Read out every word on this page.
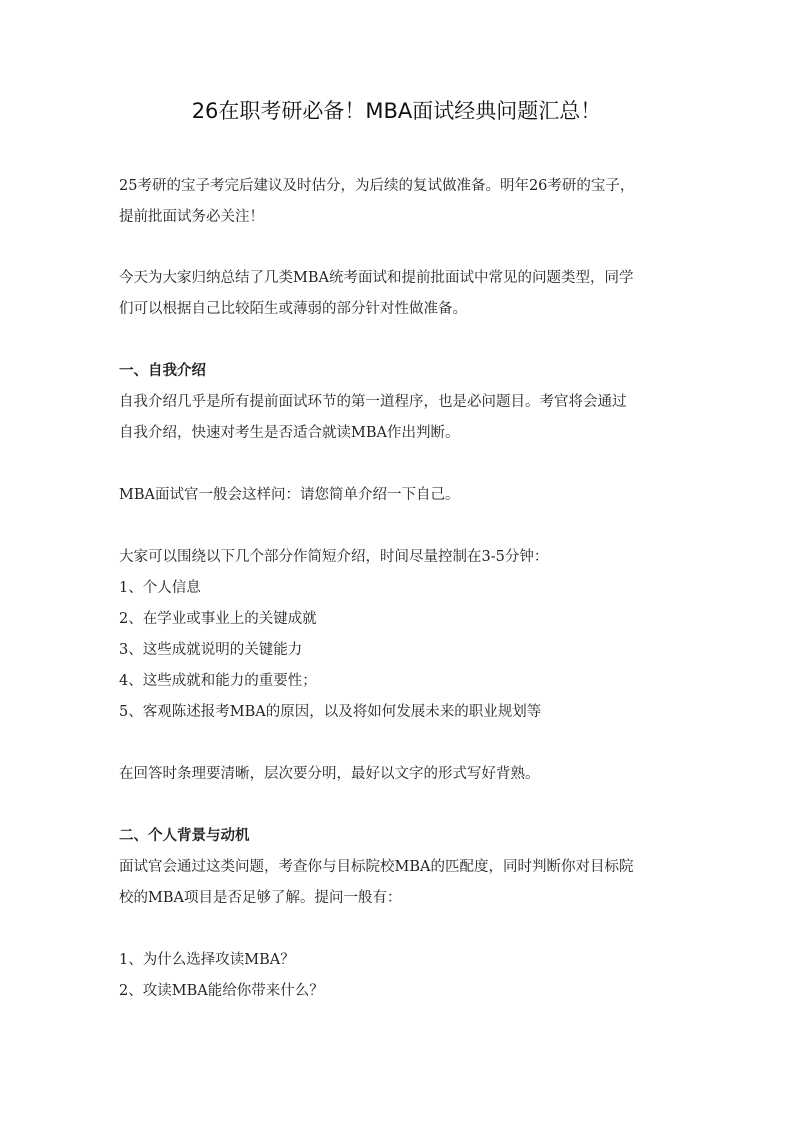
26在职考研必备！MBA面试经典问题汇总！
25考研的宝子考完后建议及时估分，为后续的复试做准备。明年26考研的宝子，
提前批面试务必关注！
今天为大家归纳总结了几类MBA统考面试和提前批面试中常见的问题类型，同学
们可以根据自己比较陌生或薄弱的部分针对性做准备。
一、自我介绍
自我介绍几乎是所有提前面试环节的第一道程序，也是必问题目。考官将会通过
自我介绍，快速对考生是否适合就读MBA作出判断。
MBA面试官一般会这样问：请您简单介绍一下自己。
大家可以围绕以下几个部分作简短介绍，时间尽量控制在3-5分钟：
1、个人信息
2、在学业或事业上的关键成就
3、这些成就说明的关键能力
4、这些成就和能力的重要性；
5、客观陈述报考MBA的原因，以及将如何发展未来的职业规划等
在回答时条理要清晰，层次要分明，最好以文字的形式写好背熟。
二、个人背景与动机
面试官会通过这类问题，考查你与目标院校MBA的匹配度，同时判断你对目标院
校的MBA项目是否足够了解。提问一般有：
1、为什么选择攻读MBA？
2、攻读MBA能给你带来什么？
